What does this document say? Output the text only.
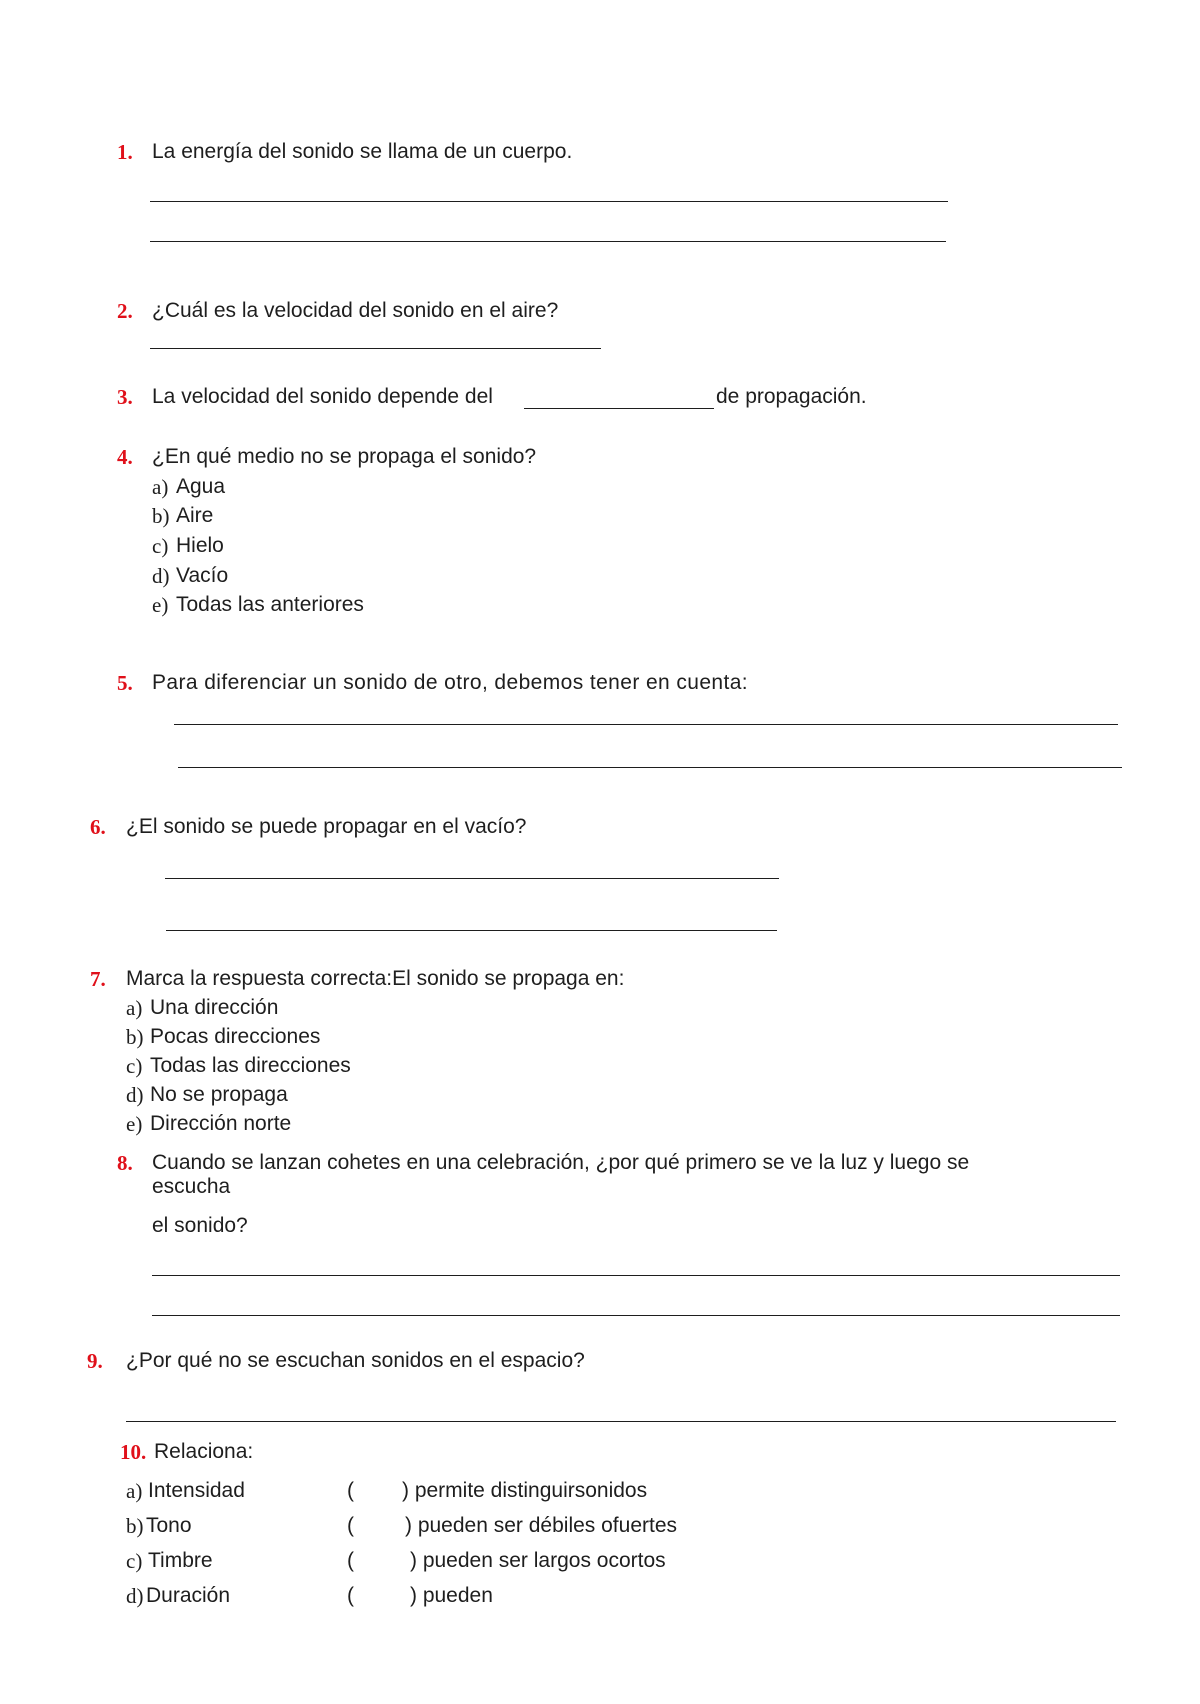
1. La energía del sonido se llama de un cuerpo.
2. ¿Cuál es la velocidad del sonido en el aire?
3. La velocidad del sonido depende del	de propagación.
4. ¿En qué medio no se propaga el sonido?
a) Agua
b) Aire
c) Hielo
d) Vacío
e) Todas las anteriores
5. Para diferenciar un sonido de otro, debemos tener en cuenta:
6. ¿El sonido se puede propagar en el vacío?
7. Marca la respuesta correcta:El sonido se propaga en:
a) Una dirección
b) Pocas direcciones
c) Todas las direcciones
d) No se propaga
e) Dirección norte
8. Cuando se lanzan cohetes en una celebración, ¿por qué primero se ve la luz y luego se
escucha
el sonido?
9. ¿Por qué no se escuchan sonidos en el espacio?
10. Relaciona:
a) Intensidad	( ) permite distinguirsonidos
b) Tono	( ) pueden ser débiles ofuertes
c) Timbre	(	) pueden ser largos ocortos
d) Duración	(	) pueden
